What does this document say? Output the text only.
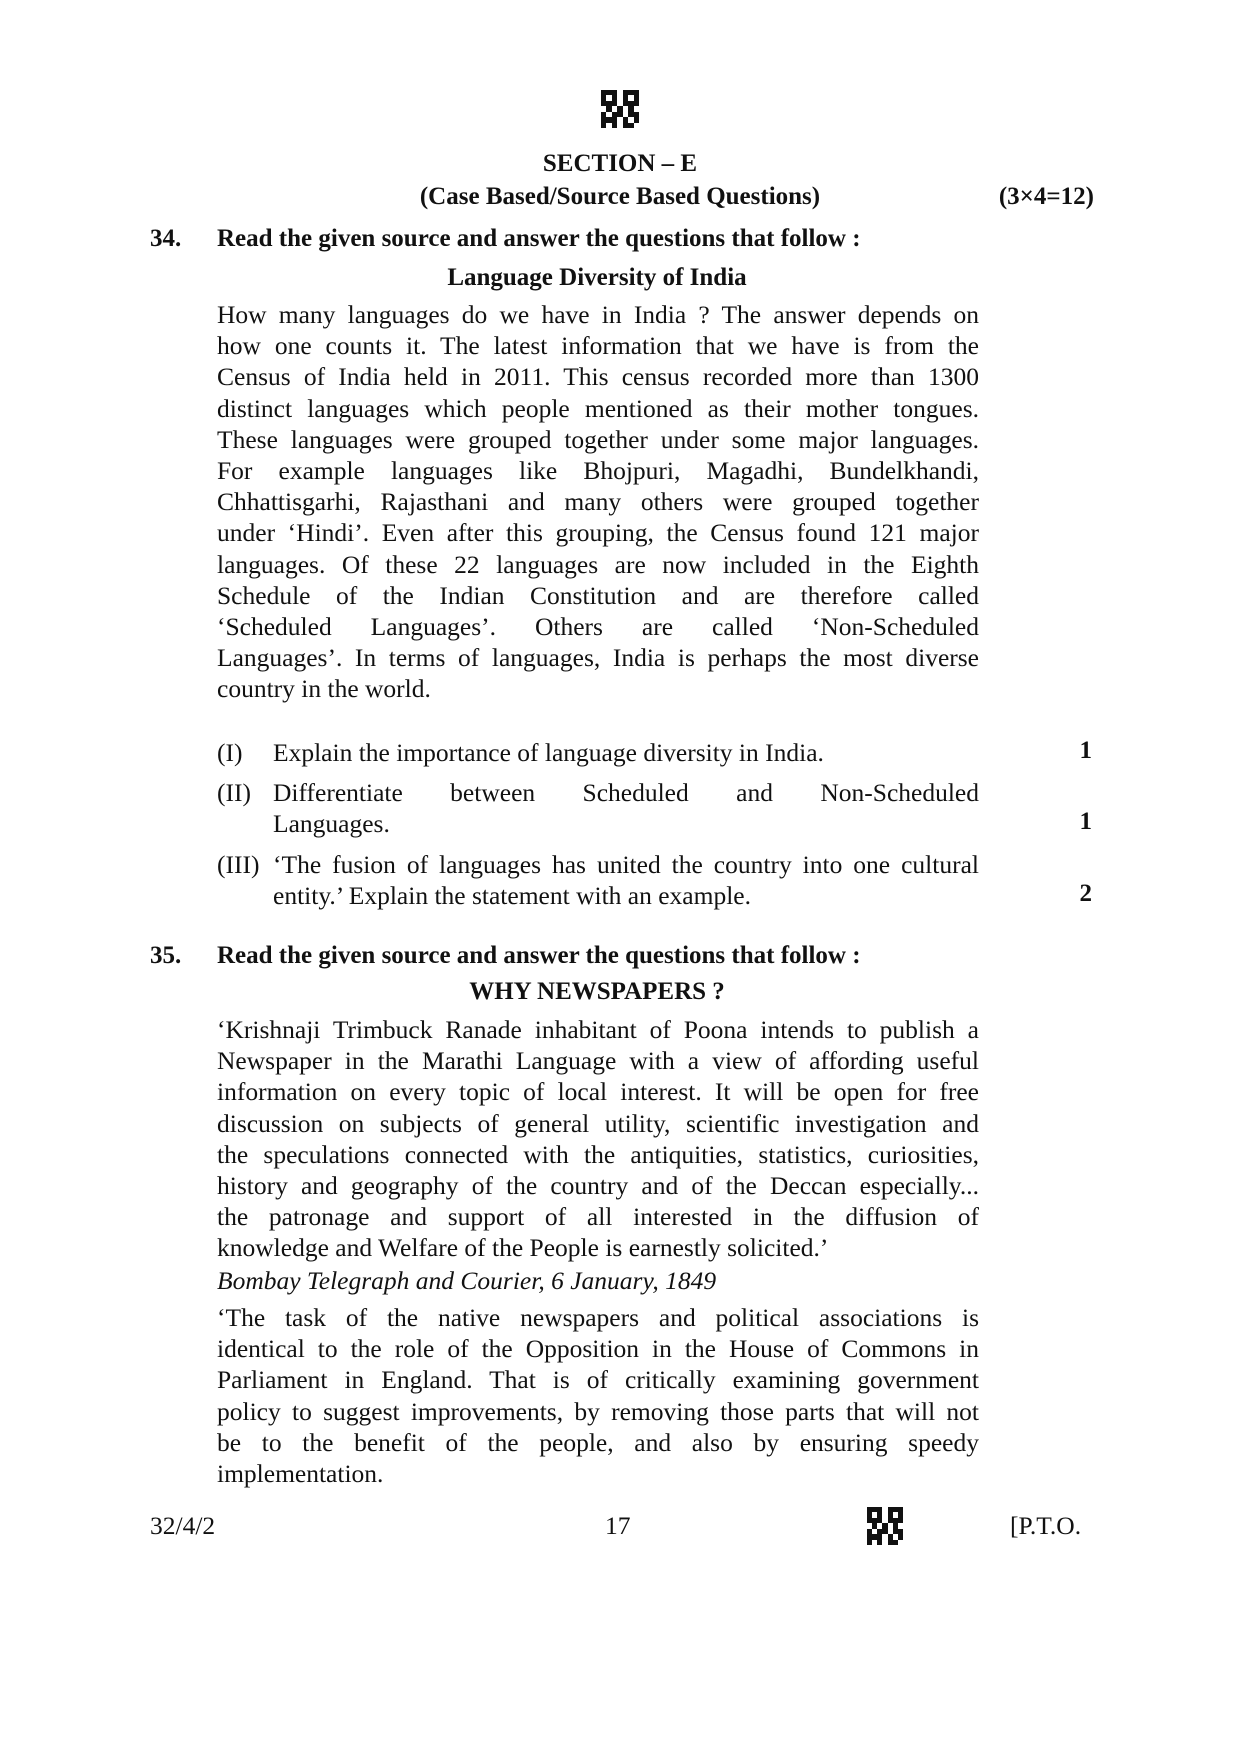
SECTION – E
(Case Based/Source Based Questions)	(3×4=12)
34. Read the given source and answer the questions that follow :
Language Diversity of India
How many languages do we have in India ? The answer depends on
how one counts it. The latest information that we have is from the
Census of India held in 2011. This census recorded more than 1300
distinct languages which people mentioned as their mother tongues.
These languages were grouped together under some major languages.
For example languages like Bhojpuri, Magadhi, Bundelkhandi,
Chhattisgarhi, Rajasthani and many others were grouped together
under ‘Hindi’. Even after this grouping, the Census found 121 major
languages. Of these 22 languages are now included in the Eighth
Schedule of the Indian Constitution and are therefore called
‘Scheduled Languages’. Others are called ‘Non-Scheduled
Languages’. In terms of languages, India is perhaps the most diverse
country in the world.
(I) Explain the importance of language diversity in India.	1
(II) Differentiate between Scheduled and Non-Scheduled
Languages.	1
(III) ‘The fusion of languages has united the country into one cultural
entity.’ Explain the statement with an example.	2
35. Read the given source and answer the questions that follow :
WHY NEWSPAPERS ?
‘Krishnaji Trimbuck Ranade inhabitant of Poona intends to publish a
Newspaper in the Marathi Language with a view of affording useful
information on every topic of local interest. It will be open for free
discussion on subjects of general utility, scientific investigation and
the speculations connected with the antiquities, statistics, curiosities,
history and geography of the country and of the Deccan especially...
the patronage and support of all interested in the diffusion of
knowledge and Welfare of the People is earnestly solicited.’
Bombay Telegraph and Courier, 6 January, 1849
‘The task of the native newspapers and political associations is
identical to the role of the Opposition in the House of Commons in
Parliament in England. That is of critically examining government
policy to suggest improvements, by removing those parts that will not
be to the benefit of the people, and also by ensuring speedy
implementation.
32/4/2	17	[P.T.O.
